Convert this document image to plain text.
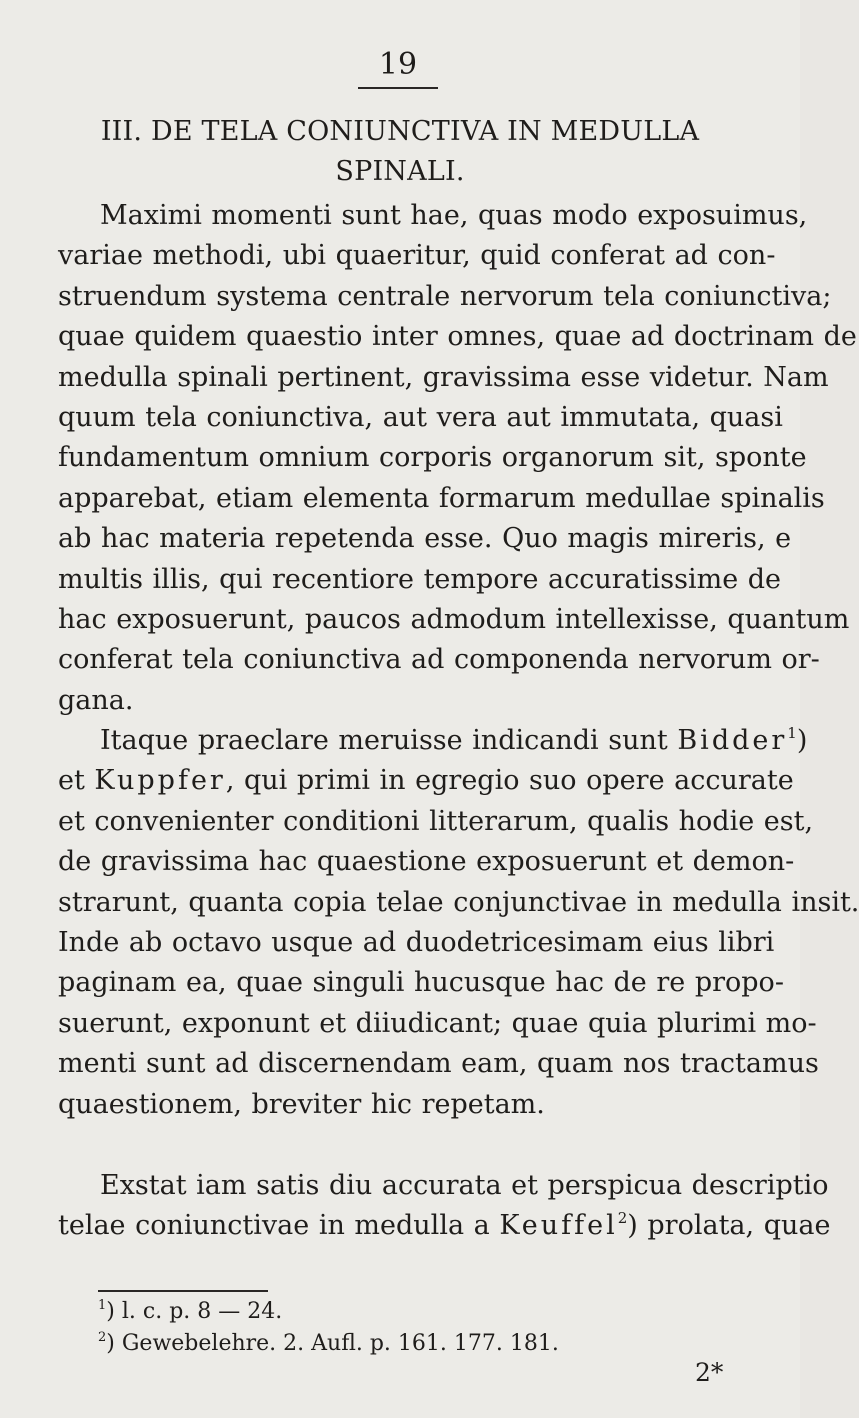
19
III. DE TELA CONIUNCTIVA IN MEDULLA
SPINALI.
Maximi momenti sunt hae, quas modo exposuimus,
variae methodi, ubi quaeritur, quid conferat ad con-
struendum systema centrale nervorum tela coniunctiva;
quae quidem quaestio inter omnes, quae ad doctrinam de
medulla spinali pertinent, gravissima esse videtur. Nam
quum tela coniunctiva, aut vera aut immutata, quasi
fundamentum omnium corporis organorum sit, sponte
apparebat, etiam elementa formarum medullae spinalis
ab hac materia repetenda esse. Quo magis mireris, e
multis illis, qui recentiore tempore accuratissime de
hac exposuerunt, paucos admodum intellexisse, quantum
conferat tela coniunctiva ad componenda nervorum or-
gana.
Itaque praeclare meruisse indicandi sunt Bidder$^1$)
et Kuppfer, qui primi in egregio suo opere accurate
et convenienter conditioni litterarum, qualis hodie est,
de gravissima hac quaestione exposuerunt et demon-
strarunt, quanta copia telae conjunctivae in medulla insit.
Inde ab octavo usque ad duodetricesimam eius libri
paginam ea, quae singuli hucusque hac de re propo-
suerunt, exponunt et diiudicant; quae quia plurimi mo-
menti sunt ad discernendam eam, quam nos tractamus
quaestionem, breviter hic repetam.
Exstat iam satis diu accurata et perspicua descriptio
telae coniunctivae in medulla a Keuffel$^2$) prolata, quae
$^1$) l. c. p. 8 — 24.
$^2$) Gewebelehre. 2. Aufl. p. 161. 177. 181.
2*
